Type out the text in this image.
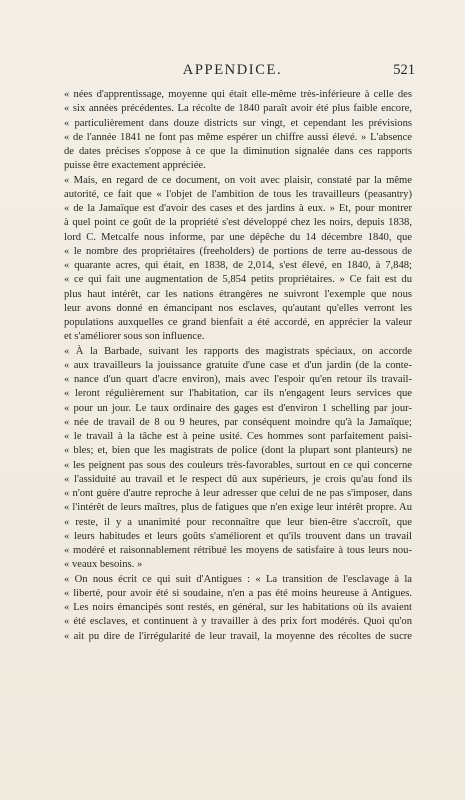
APPENDICE.	521
« nées d'apprentissage, moyenne qui était elle-même très-inférieure à celle des
« six années précédentes. La récolte de 1840 paraît avoir été plus faible encore,
« particulièrement dans douze districts sur vingt, et cependant les prévisions
« de l'année 1841 ne font pas même espérer un chiffre aussi élevé. » L'absence
de dates précises s'oppose à ce que la diminution signalée dans ces rapports
puisse être exactement appréciée.
« Mais, en regard de ce document, on voit avec plaisir, constaté par la même
autorité, ce fait que « l'objet de l'ambition de tous les travailleurs (peasantry)
« de la Jamaïque est d'avoir des cases et des jardins à eux. » Et, pour montrer
à quel point ce goût de la propriété s'est développé chez les noirs, depuis 1838,
lord C. Metcalfe nous informe, par une dépêche du 14 décembre 1840, que
« le nombre des propriétaires (freeholders) de portions de terre au-dessous de
« quarante acres, qui était, en 1838, de 2,014, s'est élevé, en 1840, à 7,848;
« ce qui fait une augmentation de 5,854 petits propriétaires. » Ce fait est du
plus haut intérêt, car les nations étrangères ne suivront l'exemple que nous
leur avons donné en émancipant nos esclaves, qu'autant qu'elles verront les
populations auxquelles ce grand bienfait a été accordé, en apprécier la valeur
et s'améliorer sous son influence.
« À la Barbade, suivant les rapports des magistrats spéciaux, on accorde
« aux travailleurs la jouissance gratuite d'une case et d'un jardin (de la conte-
« nance d'un quart d'acre environ), mais avec l'espoir qu'en retour ils travail-
« leront régulièrement sur l'habitation, car ils n'engagent leurs services que
« pour un jour. Le taux ordinaire des gages est d'environ 1 schelling par jour-
« née de travail de 8 ou 9 heures, par conséquent moindre qu'à la Jamaïque;
« le travail à la tâche est à peine usité. Ces hommes sont parfaitement paisi-
« bles; et, bien que les magistrats de police (dont la plupart sont planteurs) ne
« les peignent pas sous des couleurs très-favorables, surtout en ce qui concerne
« l'assiduité au travail et le respect dû aux supérieurs, je crois qu'au fond ils
« n'ont guère d'autre reproche à leur adresser que celui de ne pas s'imposer, dans
« l'intérêt de leurs maîtres, plus de fatigues que n'en exige leur intérêt propre. Au
« reste, il y a unanimité pour reconnaître que leur bien-être s'accroît, que
« leurs habitudes et leurs goûts s'améliorent et qu'ils trouvent dans un travail
« modéré et raisonnablement rétribué les moyens de satisfaire à tous leurs nou-
« veaux besoins. »
« On nous écrit ce qui suit d'Antigues : « La transition de l'esclavage à la
« liberté, pour avoir été si soudaine, n'en a pas été moins heureuse à Antigues.
« Les noirs émancipés sont restés, en général, sur les habitations où ils avaient
« été esclaves, et continuent à y travailler à des prix fort modérés. Quoi qu'on
« ait pu dire de l'irrégularité de leur travail, la moyenne des récoltes de sucre
